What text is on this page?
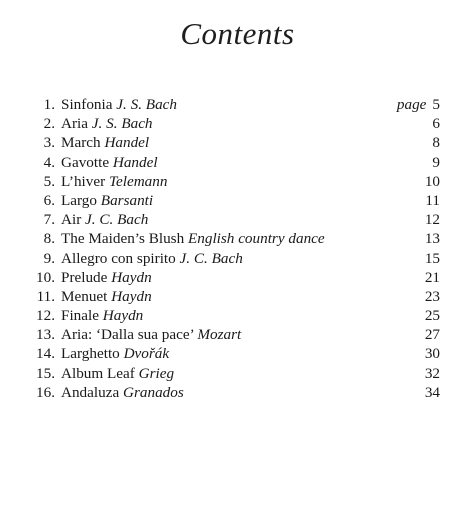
Contents
1. Sinfonia J. S. Bach	page 5
2. Aria J. S. Bach	6
3. March Handel	8
4. Gavotte Handel	9
5. L’hiver Telemann	10
6. Largo Barsanti	11
7. Air J. C. Bach	12
8. The Maiden’s Blush English country dance	13
9. Allegro con spirito J. C. Bach	15
10. Prelude Haydn	21
11. Menuet Haydn	23
12. Finale Haydn	25
13. Aria: ‘Dalla sua pace’ Mozart	27
14. Larghetto Dvořák	30
15. Album Leaf Grieg	32
16. Andaluza Granados	34
